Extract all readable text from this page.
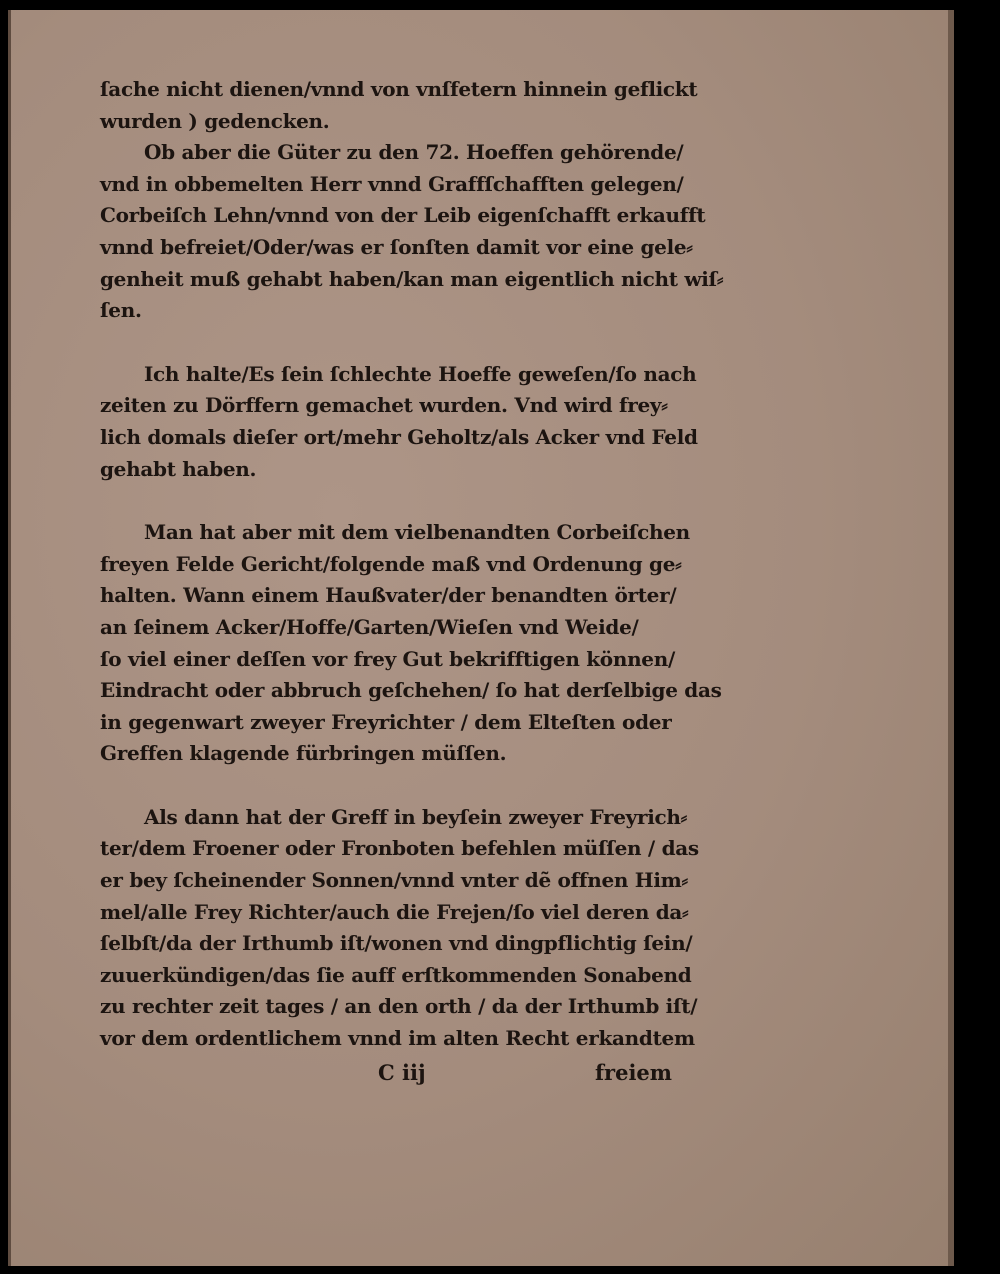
ſache nicht dienen/vnnd von vnſfetern hinnein geflickt
wurden ) gedencken.
Ob aber die Güter zu den 72. Hoeffen gehörende/
vnd in obbemelten Herr vnnd Graffſchafften gelegen/
Corbeiſch Lehn/vnnd von der Leib eigenſchafft erkaufft
vnnd befreiet/Oder/was er ſonſten damit vor eine gele⸗
genheit muß gehabt haben/kan man eigentlich nicht wiſ⸗
ſen.
Ich halte/Es ſein ſchlechte Hoeffe geweſen/ſo nach
zeiten zu Dörffern gemachet wurden. Vnd wird frey⸗
lich domals dieſer ort/mehr Geholtz/als Acker vnd Feld
gehabt haben.
Man hat aber mit dem vielbenandten Corbeiſchen
freyen Felde Gericht/folgende maß vnd Ordenung ge⸗
halten. Wann einem Haußvater/der benandten örter/
an ſeinem Acker/Hoffe/Garten/Wieſen vnd Weide/
ſo viel einer deſſen vor frey Gut bekrifftigen können/
Eindracht oder abbruch geſchehen/ ſo hat derſelbige das
in gegenwart zweyer Freyrichter / dem Elteſten oder
Greffen klagende fürbringen müſſen.
Als dann hat der Greff in beyſein zweyer Freyrich⸗
ter/dem Froener oder Fronboten befehlen müſſen / das
er bey ſcheinender Sonnen/vnnd vnter dẽ offnen Him⸗
mel/alle Frey Richter/auch die Frejen/ſo viel deren da⸗
ſelbſt/da der Irthumb iſt/wonen vnd dingpflichtig ſein/
zuuerkündigen/das ſie auff erſtkommenden Sonabend
zu rechter zeit tages / an den orth / da der Irthumb iſt/
vor dem ordentlichem vnnd im alten Recht erkandtem
C iij	freiem
